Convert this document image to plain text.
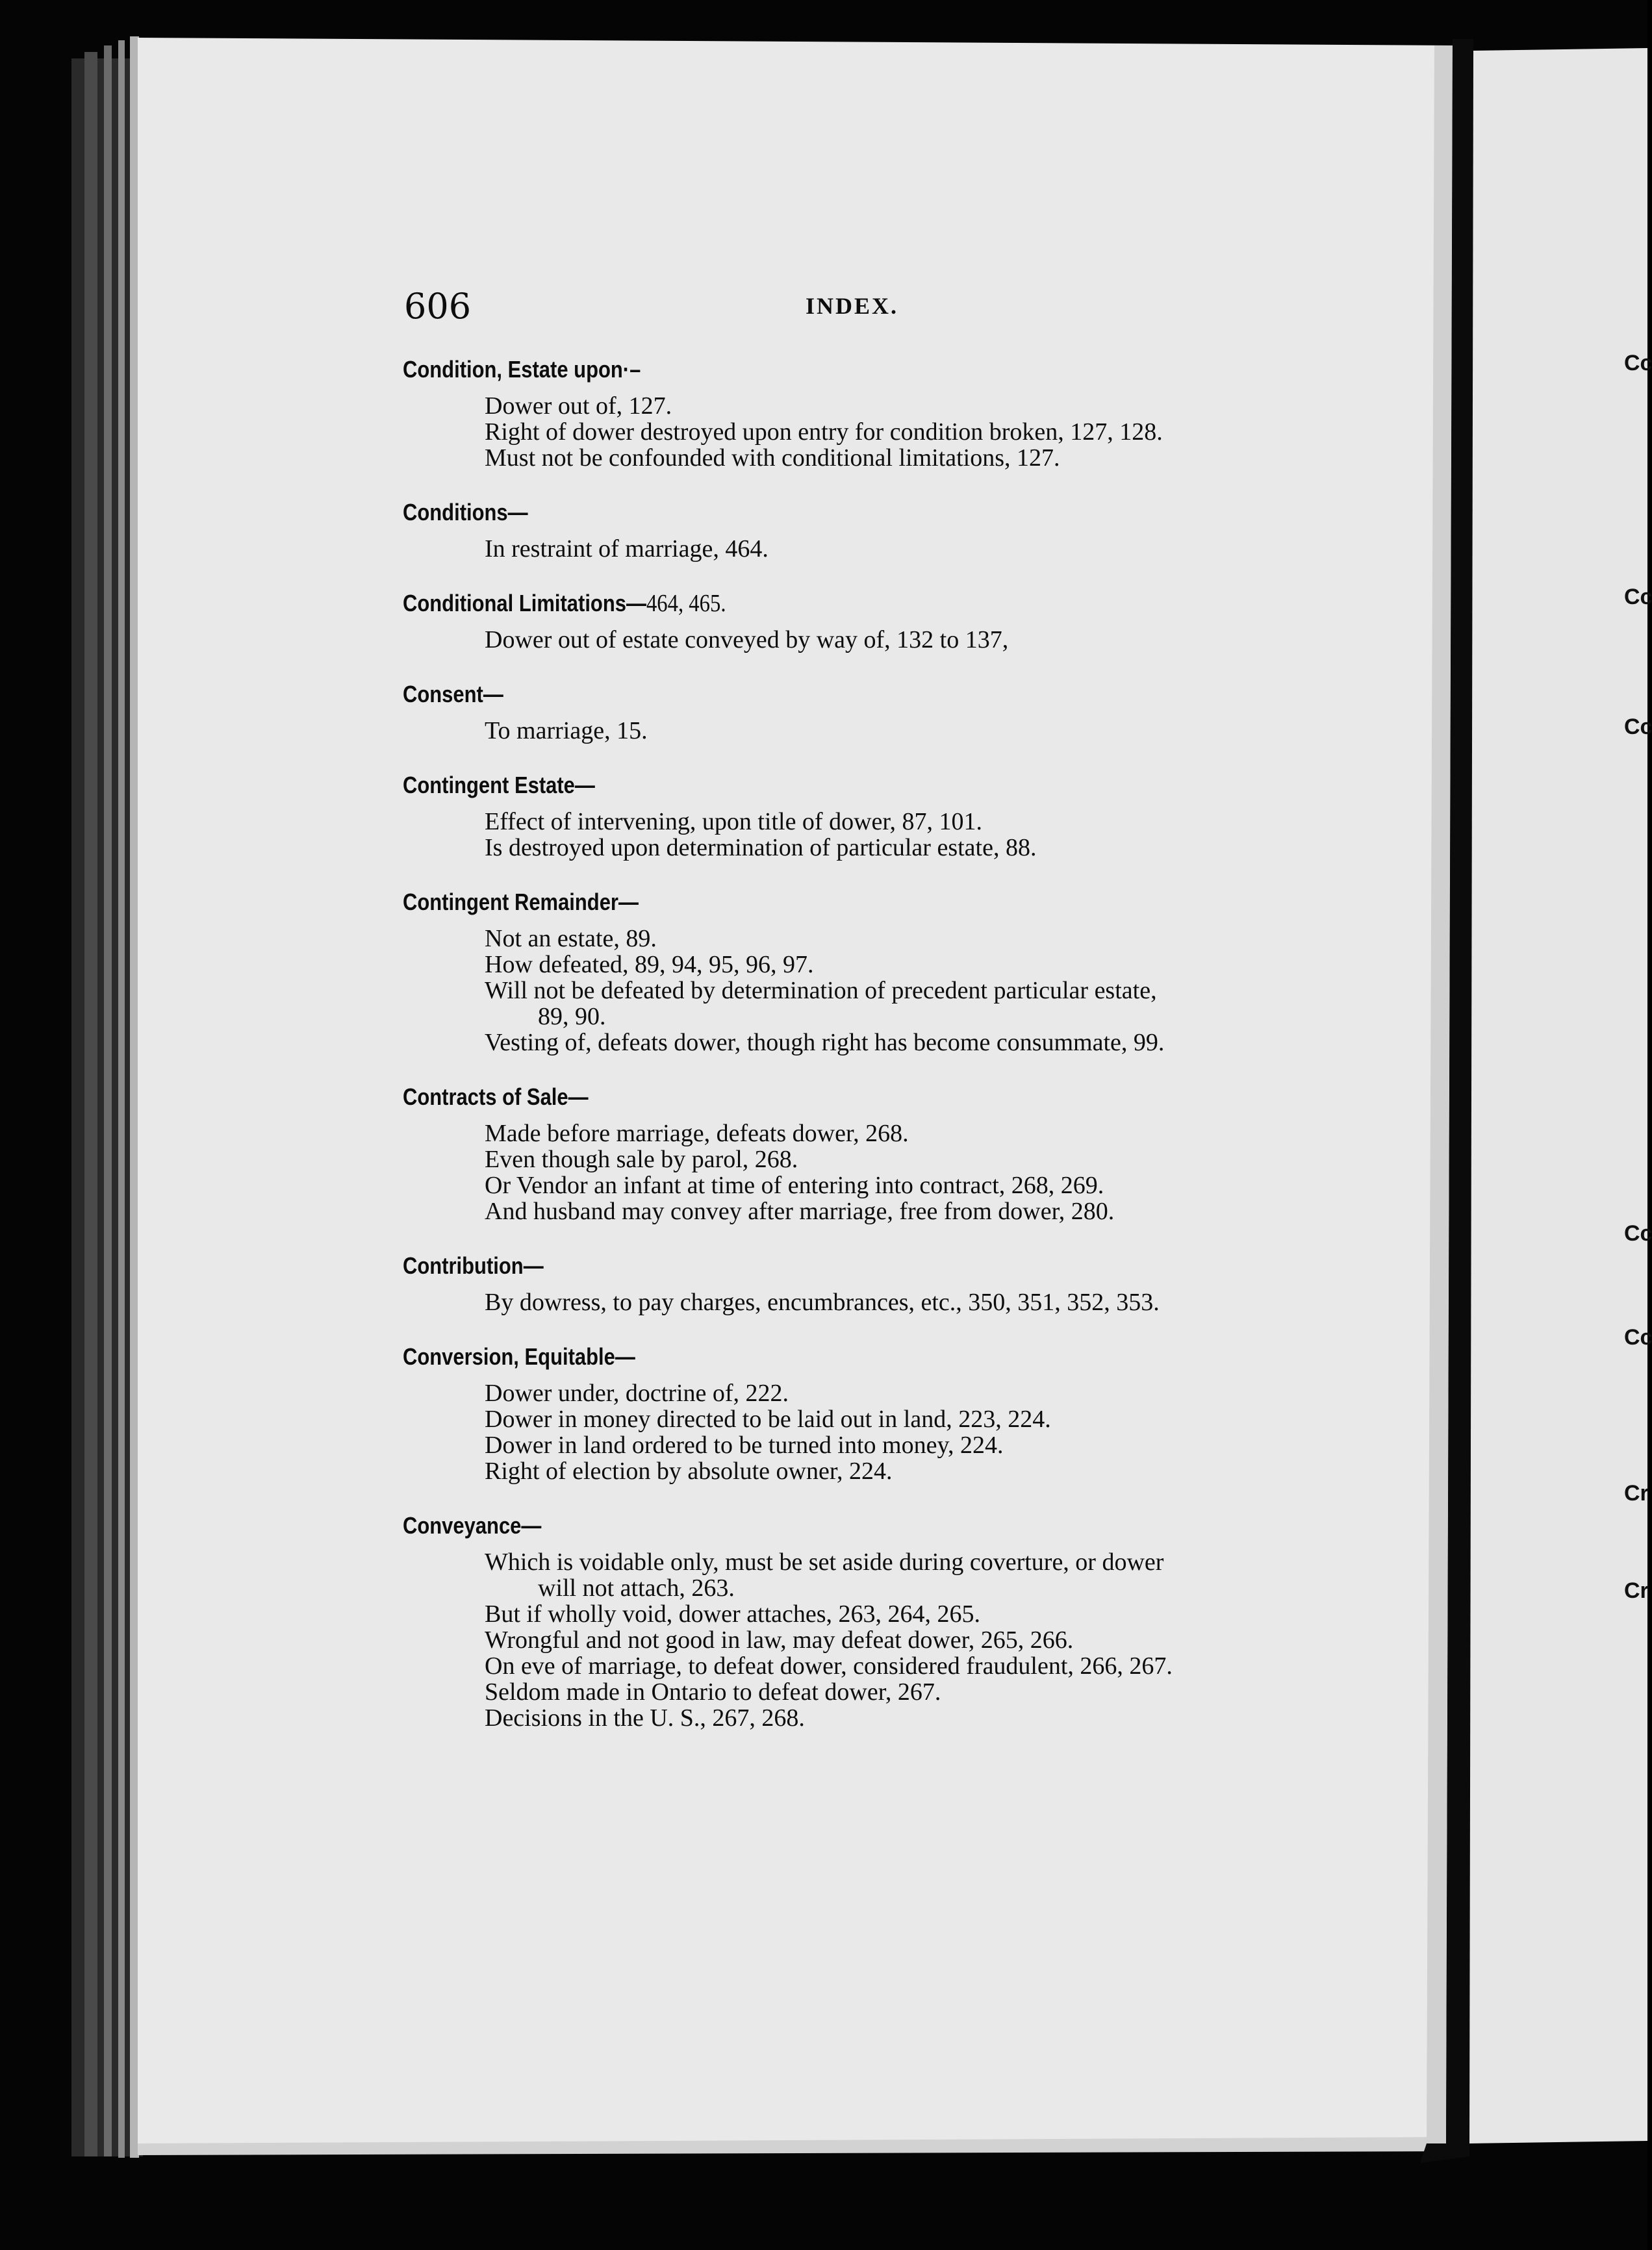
606	INDEX.
Condition, Estate upon·–
Dower out of, 127.
Right of dower destroyed upon entry for condition broken, 127, 128.
Must not be confounded with conditional limitations, 127.
Conditions—
In restraint of marriage, 464.
Conditional Limitations—464, 465.
Dower out of estate conveyed by way of, 132 to 137,
Consent—
To marriage, 15.
Contingent Estate—
Effect of intervening, upon title of dower, 87, 101.
Is destroyed upon determination of particular estate, 88.
Contingent Remainder—
Not an estate, 89.
How defeated, 89, 94, 95, 96, 97.
Will not be defeated by determination of precedent particular estate,
89, 90.
Vesting of, defeats dower, though right has become consummate, 99.
Contracts of Sale—
Made before marriage, defeats dower, 268.
Even though sale by parol, 268.
Or Vendor an infant at time of entering into contract, 268, 269.
And husband may convey after marriage, free from dower, 280.
Contribution—
By dowress, to pay charges, encumbrances, etc., 350, 351, 352, 353.
Conversion, Equitable—
Dower under, doctrine of, 222.
Dower in money directed to be laid out in land, 223, 224.
Dower in land ordered to be turned into money, 224.
Right of election by absolute owner, 224.
Conveyance—
Which is voidable only, must be set aside during coverture, or dower
will not attach, 263.
But if wholly void, dower attaches, 263, 264, 265.
Wrongful and not good in law, may defeat dower, 265, 266.
On eve of marriage, to defeat dower, considered fraudulent, 266, 267.
Seldom made in Ontario to defeat dower, 267.
Decisions in the U. S., 267, 268.
Cc
Cc
Cc
Cc
Cc
Cr
Cr
